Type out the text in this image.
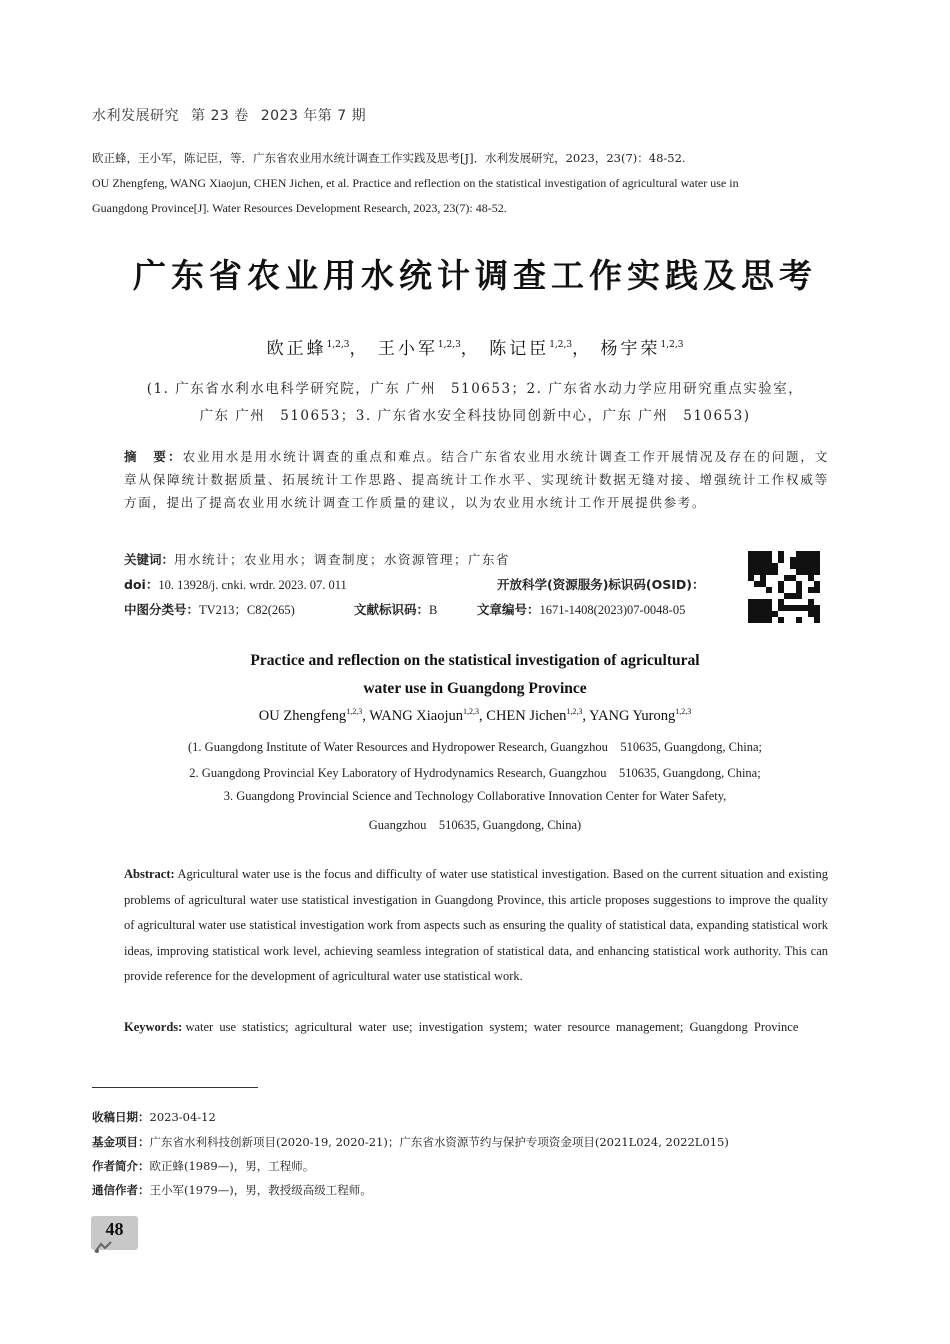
水利发展研究 第 23 卷 2023 年第 7 期
欧正蜂，王小军，陈记臣，等．广东省农业用水统计调查工作实践及思考[J]．水利发展研究，2023，23(7)：48-52.
OU Zhengfeng, WANG Xiaojun, CHEN Jichen, et al. Practice and reflection on the statistical investigation of agricultural water use in
Guangdong Province[J]. Water Resources Development Research, 2023, 23(7): 48-52.
广东省农业用水统计调查工作实践及思考
欧正蜂$^{1,2,3}$， 王小军$^{1,2,3}$， 陈记臣$^{1,2,3}$， 杨宇荣$^{1,2,3}$
(1. 广东省水利水电科学研究院，广东 广州　510653；2. 广东省水动力学应用研究重点实验室，
广东 广州　510653；3. 广东省水安全科技协同创新中心，广东 广州　510653)
摘　要：农业用水是用水统计调查的重点和难点。结合广东省农业用水统计调查工作开展情况及存在的问题，文章从保障统计数据质量、拓展统计工作思路、提高统计工作水平、实现统计数据无缝对接、增强统计工作权威等方面，提出了提高农业用水统计调查工作质量的建议，以为农业用水统计工作开展提供参考。
关键词：用水统计；农业用水；调查制度；水资源管理；广东省
doi：10. 13928/j. cnki. wrdr. 2023. 07. 011	开放科学(资源服务)标识码(OSID)：
中图分类号：TV213；C82(265)	文献标识码：B	文章编号：1671-1408(2023)07-0048-05
Practice and reflection on the statistical investigation of agricultural
water use in Guangdong Province
OU Zhengfeng$^{1,2,3}$, WANG Xiaojun$^{1,2,3}$, CHEN Jichen$^{1,2,3}$, YANG Yurong$^{1,2,3}$
(1. Guangdong Institute of Water Resources and Hydropower Research, Guangzhou　510635, Guangdong, China;
2. Guangdong Provincial Key Laboratory of Hydrodynamics Research, Guangzhou　510635, Guangdong, China;
3. Guangdong Provincial Science and Technology Collaborative Innovation Center for Water Safety,
Guangzhou　510635, Guangdong, China)
Abstract: Agricultural water use is the focus and difficulty of water use statistical investigation. Based on the current situation and existing problems of agricultural water use statistical investigation in Guangdong Province, this article proposes suggestions to improve the quality of agricultural water use statistical investigation work from aspects such as ensuring the quality of statistical data, expanding statistical work ideas, improving statistical work level, achieving seamless integration of statistical data, and enhancing statistical work authority. This can provide reference for the development of agricultural water use statistical work.
Keywords: water use statistics; agricultural water use; investigation system; water resource management; Guangdong Province
收稿日期：2023-04-12
基金项目：广东省水利科技创新项目(2020-19, 2020-21)；广东省水资源节约与保护专项资金项目(2021L024, 2022L015)
作者简介：欧正蜂(1989—)，男，工程师。
通信作者：王小军(1979—)，男，教授级高级工程师。
48
